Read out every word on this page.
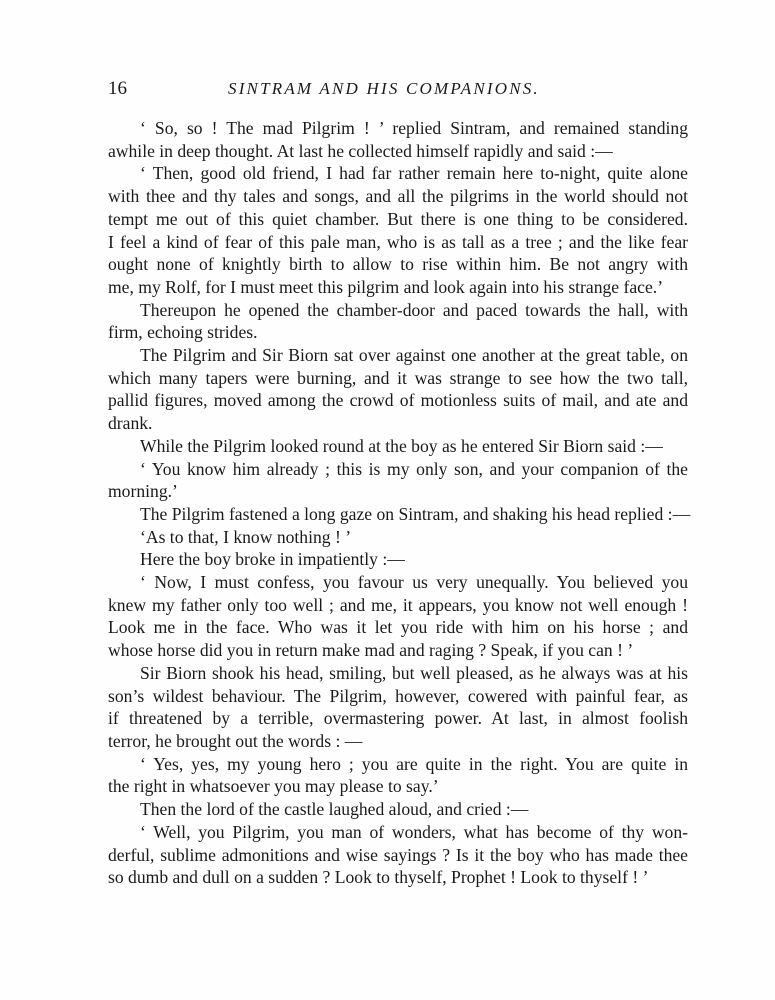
16	SINTRAM AND HIS COMPANIONS.
‘ So, so ! The mad Pilgrim ! ’ replied Sintram, and remained standing
awhile in deep thought. At last he collected himself rapidly and said :—
‘ Then, good old friend, I had far rather remain here to-night, quite alone
with thee and thy tales and songs, and all the pilgrims in the world should not
tempt me out of this quiet chamber. But there is one thing to be considered.
I feel a kind of fear of this pale man, who is as tall as a tree ; and the like fear
ought none of knightly birth to allow to rise within him. Be not angry with
me, my Rolf, for I must meet this pilgrim and look again into his strange face.’
Thereupon he opened the chamber-door and paced towards the hall, with
firm, echoing strides.
The Pilgrim and Sir Biorn sat over against one another at the great table, on
which many tapers were burning, and it was strange to see how the two tall,
pallid figures, moved among the crowd of motionless suits of mail, and ate and
drank.
While the Pilgrim looked round at the boy as he entered Sir Biorn said :—
‘ You know him already ; this is my only son, and your companion of the
morning.’
The Pilgrim fastened a long gaze on Sintram, and shaking his head replied :—
‘As to that, I know nothing ! ’
Here the boy broke in impatiently :—
‘ Now, I must confess, you favour us very unequally. You believed you
knew my father only too well ; and me, it appears, you know not well enough !
Look me in the face. Who was it let you ride with him on his horse ; and
whose horse did you in return make mad and raging ? Speak, if you can ! ’
Sir Biorn shook his head, smiling, but well pleased, as he always was at his
son’s wildest behaviour. The Pilgrim, however, cowered with painful fear, as
if threatened by a terrible, overmastering power. At last, in almost foolish
terror, he brought out the words : —
‘ Yes, yes, my young hero ; you are quite in the right. You are quite in
the right in whatsoever you may please to say.’
Then the lord of the castle laughed aloud, and cried :—
‘ Well, you Pilgrim, you man of wonders, what has become of thy won-
derful, sublime admonitions and wise sayings ? Is it the boy who has made thee
so dumb and dull on a sudden ? Look to thyself, Prophet ! Look to thyself ! ’
